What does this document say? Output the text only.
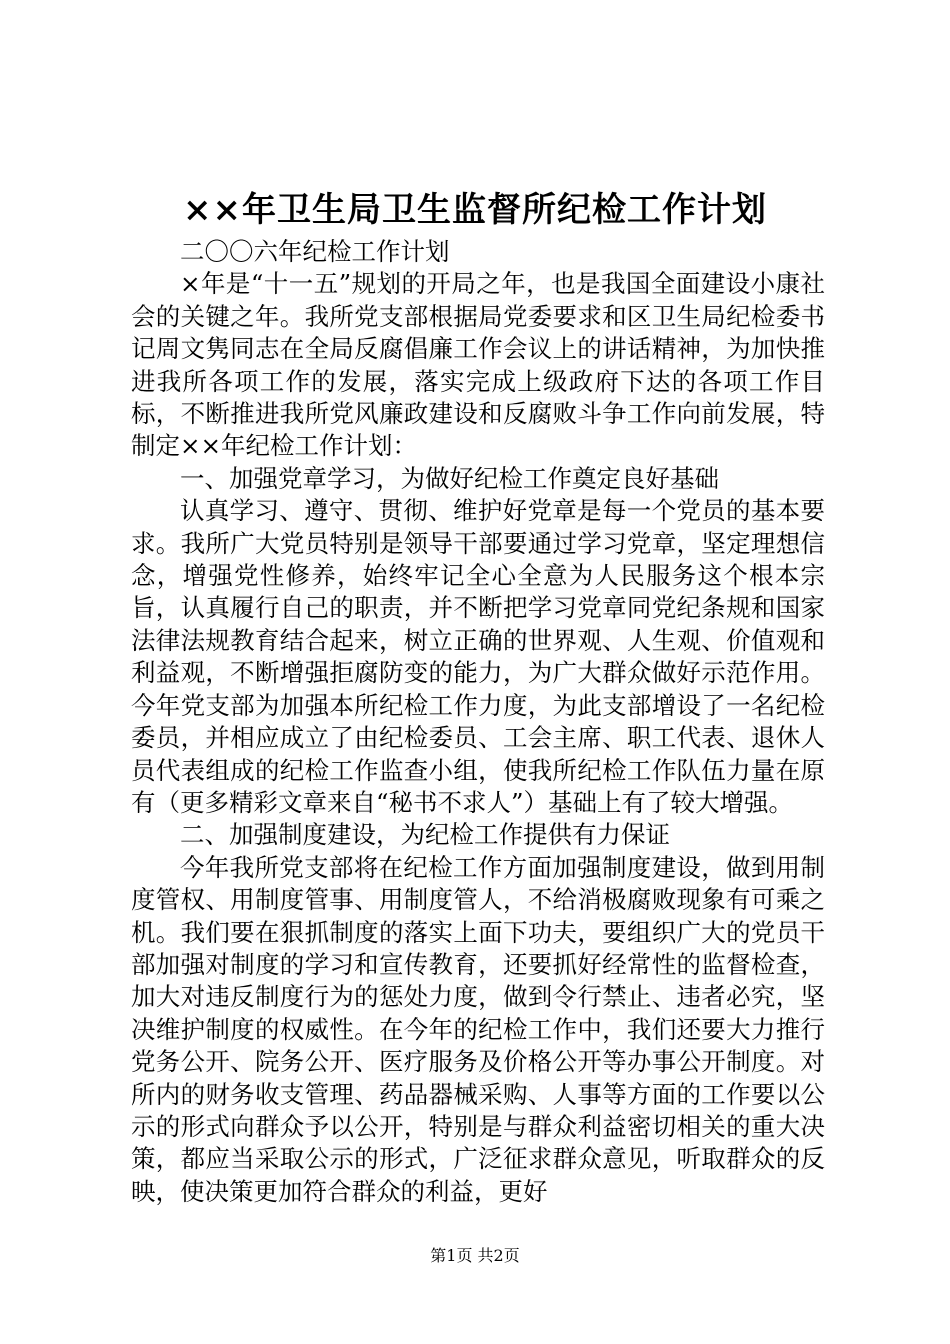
××年卫生局卫生监督所纪检工作计划

二〇〇六年纪检工作计划

×年是“十一五”规划的开局之年，也是我国全面建设小康社会的关键之年。我所党支部根据局党委要求和区卫生局纪检委书记周文隽同志在全局反腐倡廉工作会议上的讲话精神，为加快推进我所各项工作的发展，落实完成上级政府下达的各项工作目标，不断推进我所党风廉政建设和反腐败斗争工作向前发展，特制定××年纪检工作计划：

一、加强党章学习，为做好纪检工作奠定良好基础

认真学习、遵守、贯彻、维护好党章是每一个党员的基本要求。我所广大党员特别是领导干部要通过学习党章，坚定理想信念，增强党性修养，始终牢记全心全意为人民服务这个根本宗旨，认真履行自己的职责，并不断把学习党章同党纪条规和国家法律法规教育结合起来，树立正确的世界观、人生观、价值观和利益观，不断增强拒腐防变的能力，为广大群众做好示范作用。今年党支部为加强本所纪检工作力度，为此支部增设了一名纪检委员，并相应成立了由纪检委员、工会主席、职工代表、退休人员代表组成的纪检工作监查小组，使我所纪检工作队伍力量在原有（更多精彩文章来自“秘书不求人”）基础上有了较大增强。

二、加强制度建设，为纪检工作提供有力保证

今年我所党支部将在纪检工作方面加强制度建设，做到用制度管权、用制度管事、用制度管人，不给消极腐败现象有可乘之机。我们要在狠抓制度的落实上面下功夫，要组织广大的党员干部加强对制度的学习和宣传教育，还要抓好经常性的监督检查，加大对违反制度行为的惩处力度，做到令行禁止、违者必究，坚决维护制度的权威性。在今年的纪检工作中，我们还要大力推行党务公开、院务公开、医疗服务及价格公开等办事公开制度。对所内的财务收支管理、药品器械采购、人事等方面的工作要以公示的形式向群众予以公开，特别是与群众利益密切相关的重大决策，都应当采取公示的形式，广泛征求群众意见，听取群众的反映，使决策更加符合群众的利益，更好

第1页 共2页
